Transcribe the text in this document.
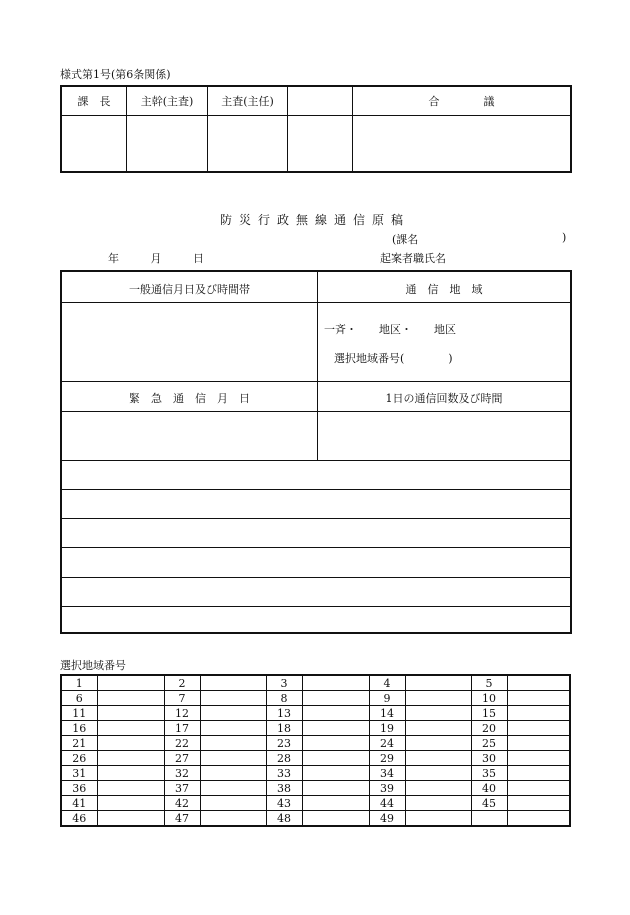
様式第1号(第6条関係)
課　長	主幹(主査)	主査(主任)		合　　　　議

防災行政無線通信原稿
(課名	)
年 月 日	起案者職氏名
一般通信月日及び時間帯	通　信　地　域
一斉・　　地区・　　地区
選択地域番号(　　　　)
緊　急　通　信　月　日	1日の通信回数及び時間
選択地域番号
1		2		3		4		5	
6		7		8		9		10	
11		12		13		14		15	
16		17		18		19		20	
21		22		23		24		25	
26		27		28		29		30	
31		32		33		34		35	
36		37		38		39		40	
41		42		43		44		45	
46		47		48		49			
